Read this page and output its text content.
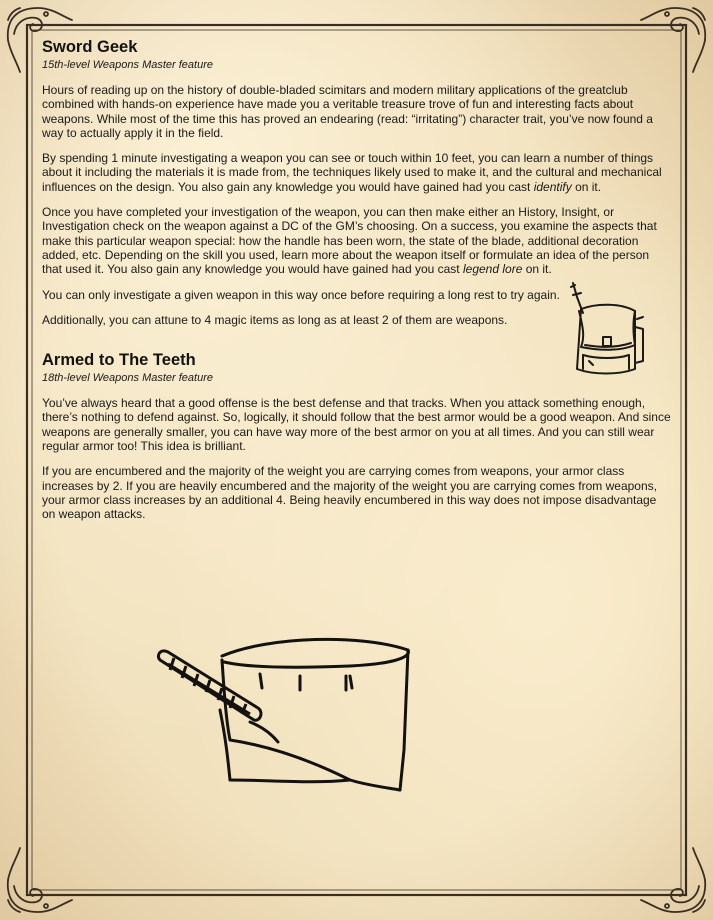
Sword Geek
15th-level Weapons Master feature

Hours of reading up on the history of double-bladed scimitars and modern military applications of the greatclub combined with hands-on experience have made you a veritable treasure trove of fun and interesting facts about weapons. While most of the time this has proved an endearing (read: “irritating”) character trait, you’ve now found a way to actually apply it in the field.

By spending 1 minute investigating a weapon you can see or touch within 10 feet, you can learn a number of things about it including the materials it is made from, the techniques likely used to make it, and the cultural and mechanical influences on the design. You also gain any knowledge you would have gained had you cast identify on it.

Once you have completed your investigation of the weapon, you can then make either an History, Insight, or Investigation check on the weapon against a DC of the GM’s choosing. On a success, you examine the aspects that make this particular weapon special: how the handle has been worn, the state of the blade, additional decoration added, etc. Depending on the skill you used, learn more about the weapon itself or formulate an idea of the person that used it. You also gain any knowledge you would have gained had you cast legend lore on it.

You can only investigate a given weapon in this way once before requiring a long rest to try again.

Additionally, you can attune to 4 magic items as long as at least 2 of them are weapons.

Armed to The Teeth
18th-level Weapons Master feature

You’ve always heard that a good offense is the best defense and that tracks. When you attack something enough, there’s nothing to defend against. So, logically, it should follow that the best armor would be a good weapon. And since weapons are generally smaller, you can have way more of the best armor on you at all times. And you can still wear regular armor too! This idea is brilliant.

If you are encumbered and the majority of the weight you are carrying comes from weapons, your armor class increases by 2. If you are heavily encumbered and the majority of the weight you are carrying comes from weapons, your armor class increases by an additional 4. Being heavily encumbered in this way does not impose disadvantage on weapon attacks.
